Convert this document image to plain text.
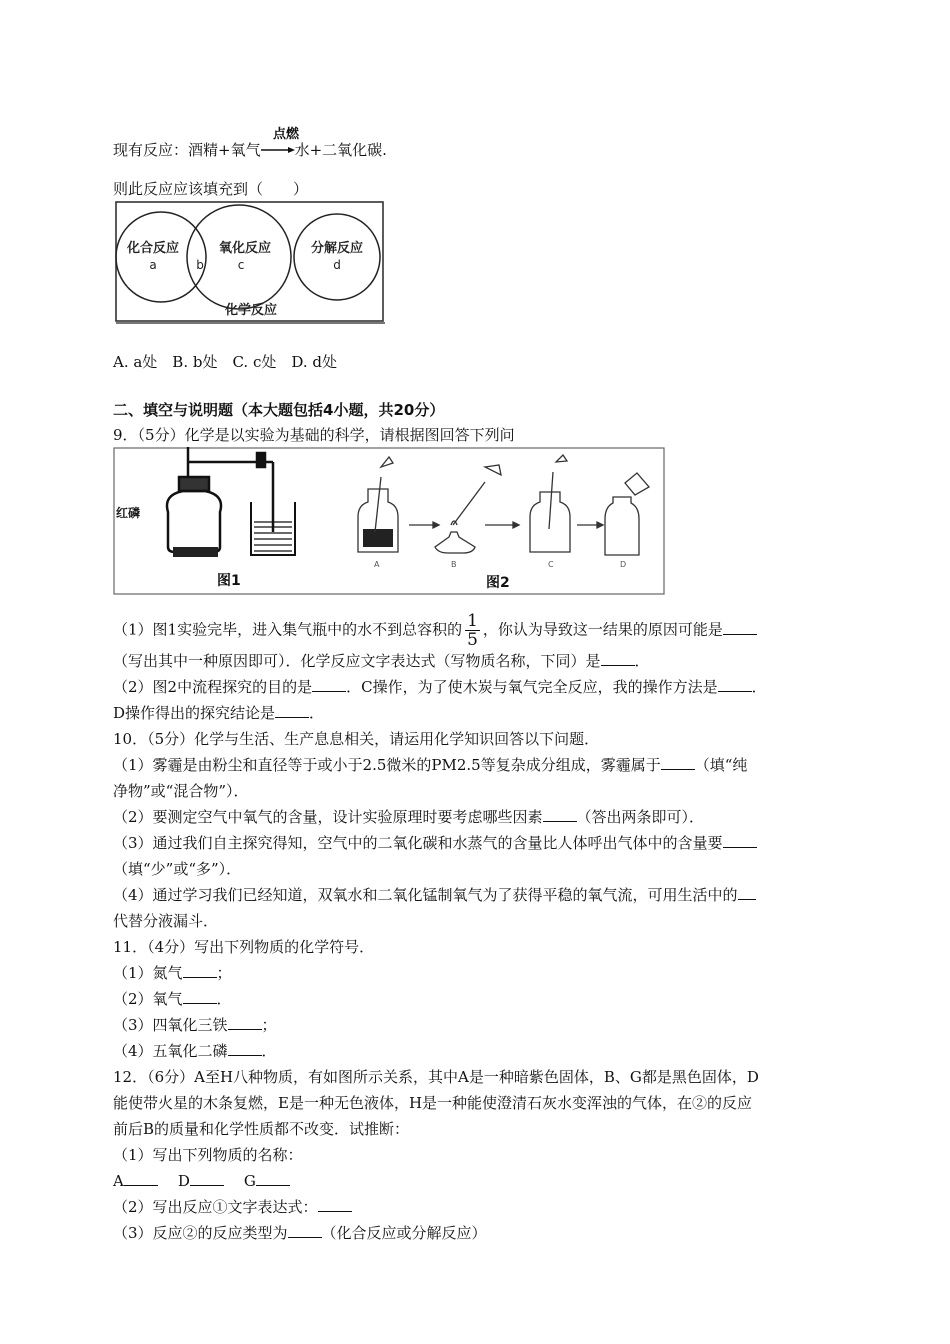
点燃
现有反应：酒精+氧气→水+二氧化碳.
则此反应应该填充到（　　）
化合反应
a	b
氧化反应
c
分解反应
d
化学反应
A. a处　B. b处　C. c处　D. d处
二、填空与说明题（本大题包括4小题，共20分）
9．（5分）化学是以实验为基础的科学，请根据图回答下列问
红磷
图1
A	B	C	D
图2
（1）图1实验完毕，进入集气瓶中的水不到总容积的 $\frac{1}{5}$ ，你认为导致这一结果的原因可能是
（写出其中一种原因即可）．化学反应文字表达式（写物质名称，下同）是 ．
（2）图2中流程探究的目的是 ．C操作，为了使木炭与氧气完全反应，我的操作方法是 ．
D操作得出的探究结论是 ．
10．（5分）化学与生活、生产息息相关，请运用化学知识回答以下问题．
（1）雾霾是由粉尘和直径等于或小于2.5微米的PM2.5等复杂成分组成，雾霾属于 （填“纯
净物”或“混合物”）．
（2）要测定空气中氧气的含量，设计实验原理时要考虑哪些因素 （答出两条即可）．
（3）通过我们自主探究得知，空气中的二氧化碳和水蒸气的含量比人体呼出气体中的含量要
（填“少”或“多”）．
（4）通过学习我们已经知道，双氧水和二氧化锰制氧气为了获得平稳的氧气流，可用生活中的
代替分液漏斗．
11．（4分）写出下列物质的化学符号．
（1）氮气 ；
（2）氧气 ．
（3）四氧化三铁 ；
（4）五氧化二磷 ．
12．（6分）A至H八种物质，有如图所示关系，其中A是一种暗紫色固体，B、G都是黑色固体，D
能使带火星的木条复燃，E是一种无色液体，H是一种能使澄清石灰水变浑浊的气体，在②的反应
前后B的质量和化学性质都不改变．试推断：
（1）写出下列物质的名称：
A	D	G
（2）写出反应①文字表达式：
（3）反应②的反应类型为 （化合反应或分解反应）
